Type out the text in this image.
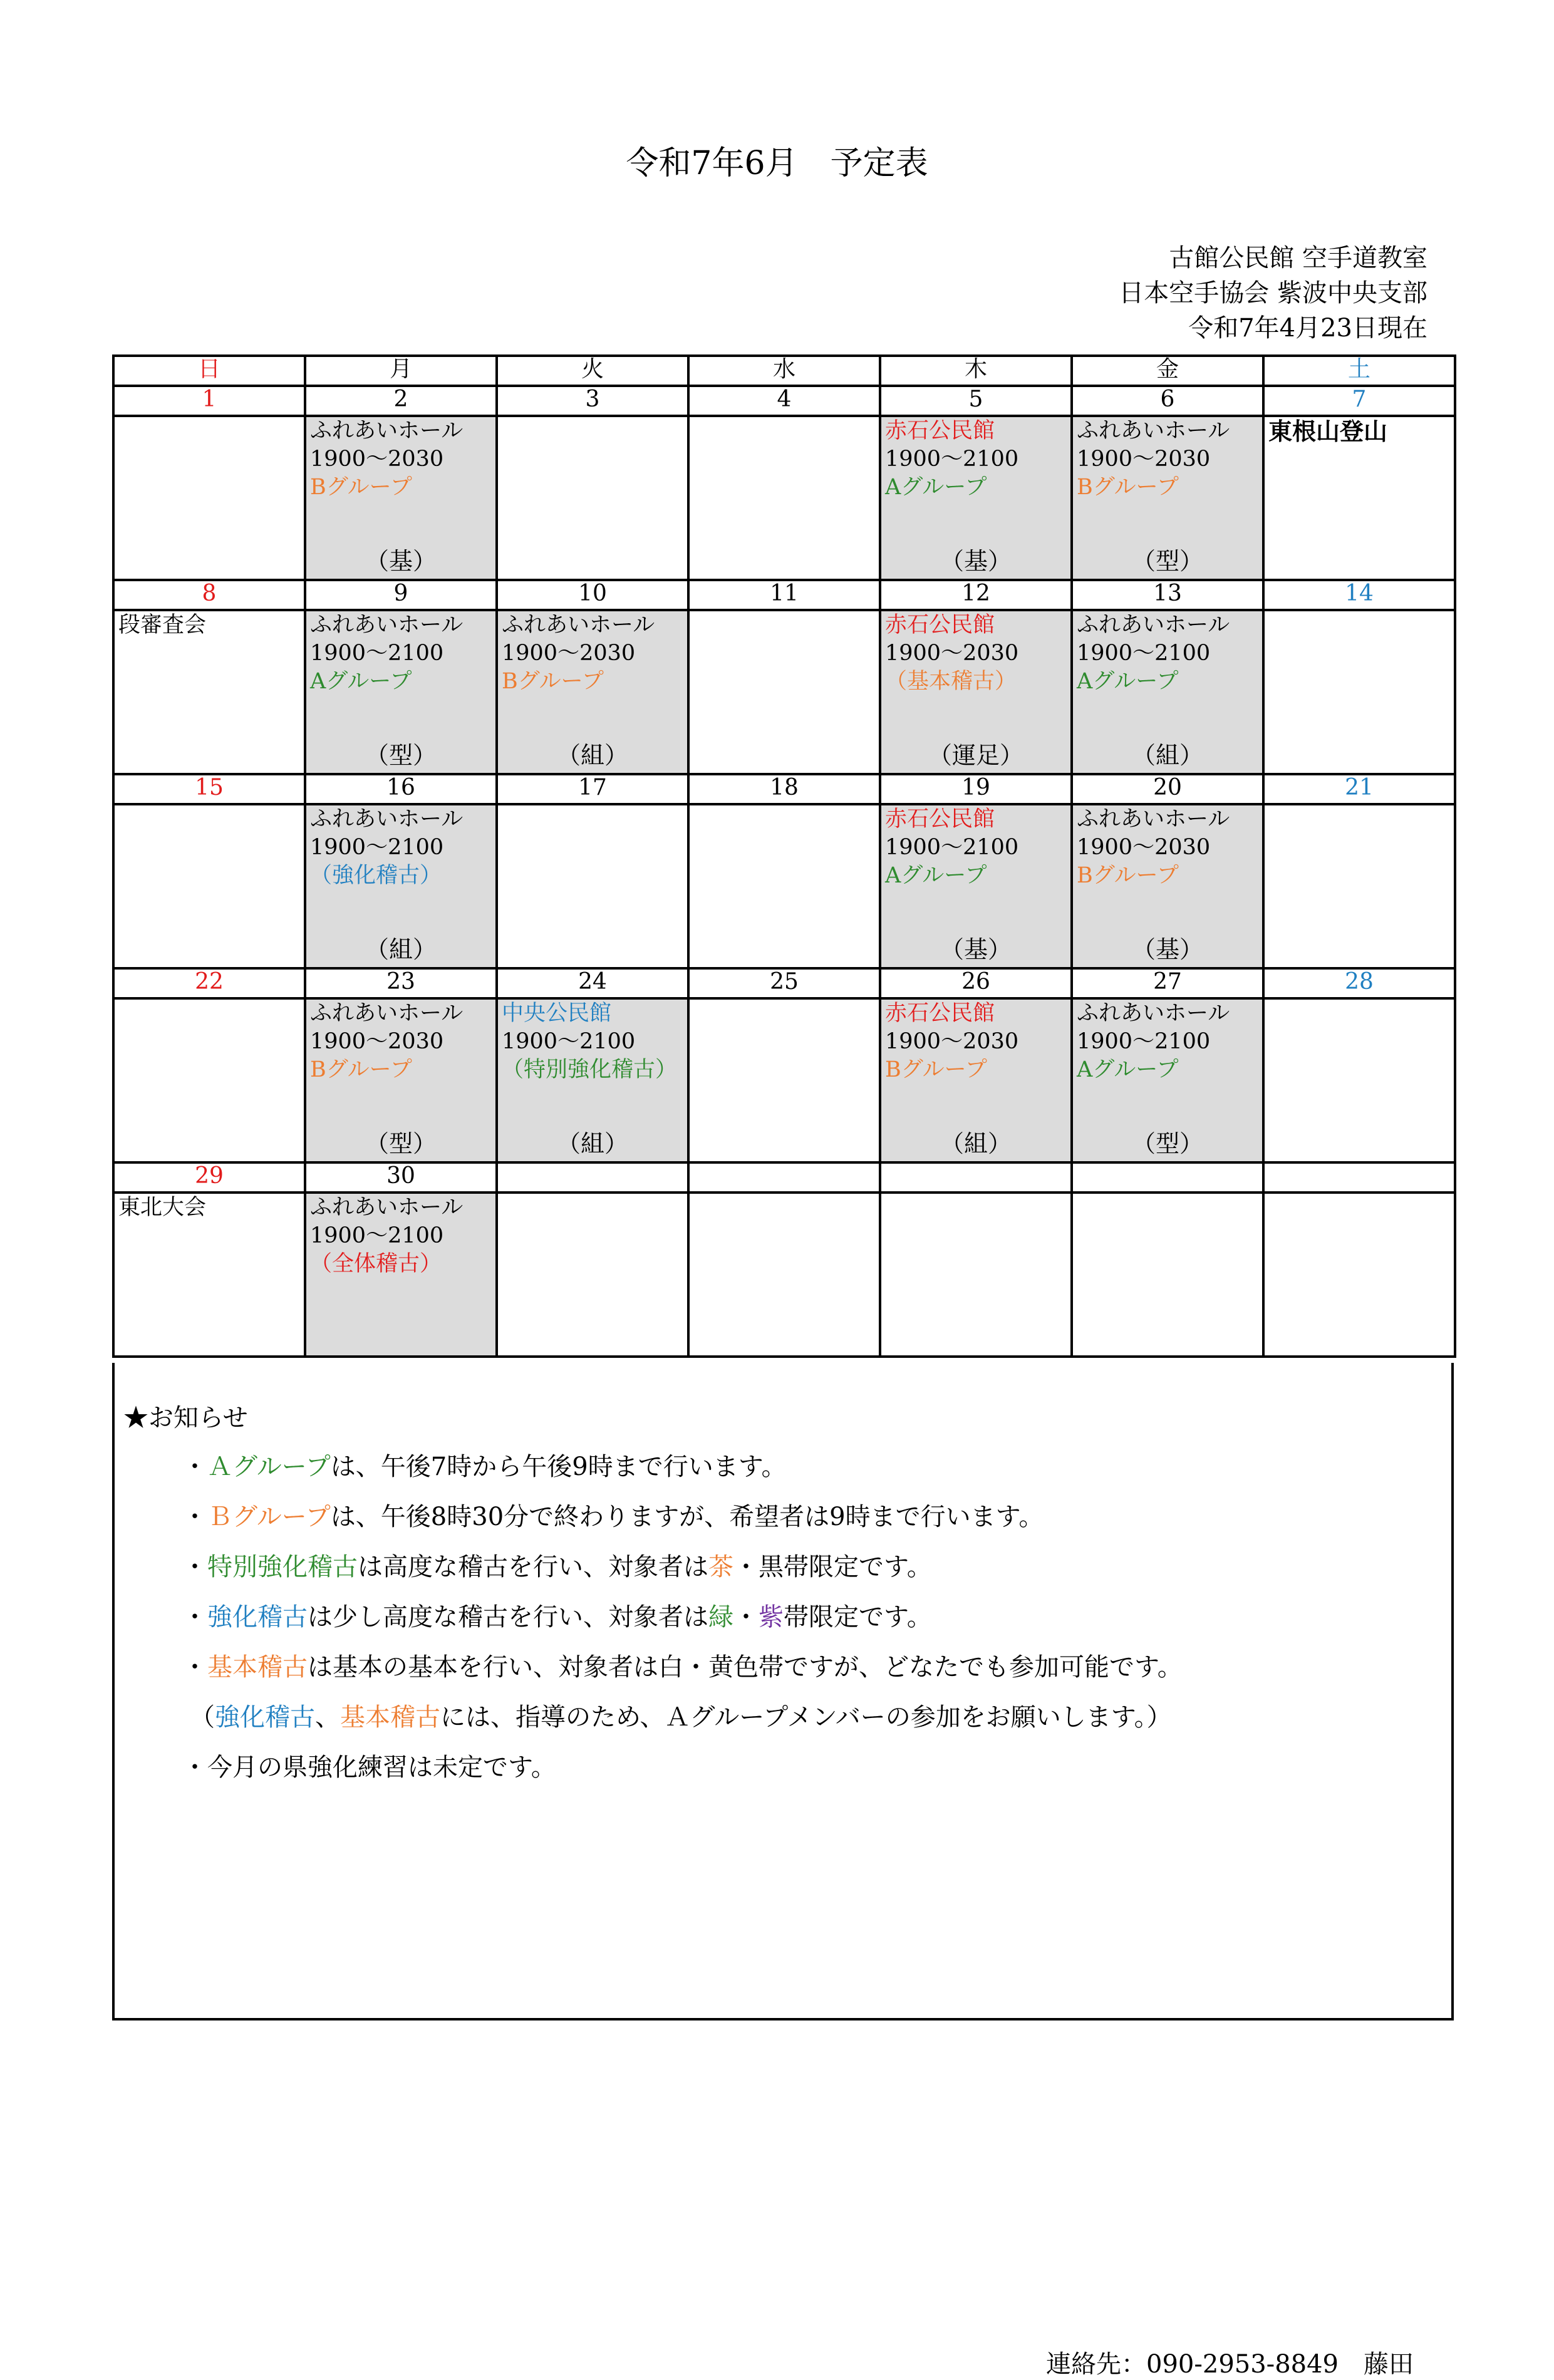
令和7年6月　予定表
古館公民館 空手道教室
日本空手協会 紫波中央支部
令和7年4月23日現在
日	月	火	水	木	金	土
1	2	3	4	5	6	7

	ふれあいホール
1900～2030
Bグループ
（基）			赤石公民館
1900～2100
Aグループ
（基）	ふれあいホール
1900～2030
Bグループ
（型）	東根山登山

8	9	10	11	12	13	14

段審査会	ふれあいホール
1900～2100
Aグループ
（型）	ふれあいホール
1900～2030
Bグループ
（組）		赤石公民館
1900～2030
（基本稽古）
（運足）	ふれあいホール
1900～2100
Aグループ
（組）	

15	16	17	18	19	20	21

	ふれあいホール
1900～2100
（強化稽古）
（組）			赤石公民館
1900～2100
Aグループ
（基）	ふれあいホール
1900～2030
Bグループ
（基）	

22	23	24	25	26	27	28

	ふれあいホール
1900～2030
Bグループ
（型）	中央公民館
1900～2100
（特別強化稽古）
（組）		赤石公民館
1900～2030
Bグループ
（組）	ふれあいホール
1900～2100
Aグループ
（型）	

29	30					

東北大会	ふれあいホール
1900～2100
（全体稽古）					

★お知らせ
連絡先：090-2953-8849　藤田
・Ａグループは、午後7時から午後9時まで行います。
・Ｂグループは、午後8時30分で終わりますが、希望者は9時まで行います。
・特別強化稽古は高度な稽古を行い、対象者は茶・黒帯限定です。
・強化稽古は少し高度な稽古を行い、対象者は緑・紫帯限定です。
・基本稽古は基本の基本を行い、対象者は白・黄色帯ですが、どなたでも参加可能です。
（強化稽古、基本稽古には、指導のため、Ａグループメンバーの参加をお願いします。）
・今月の県強化練習は未定です。
